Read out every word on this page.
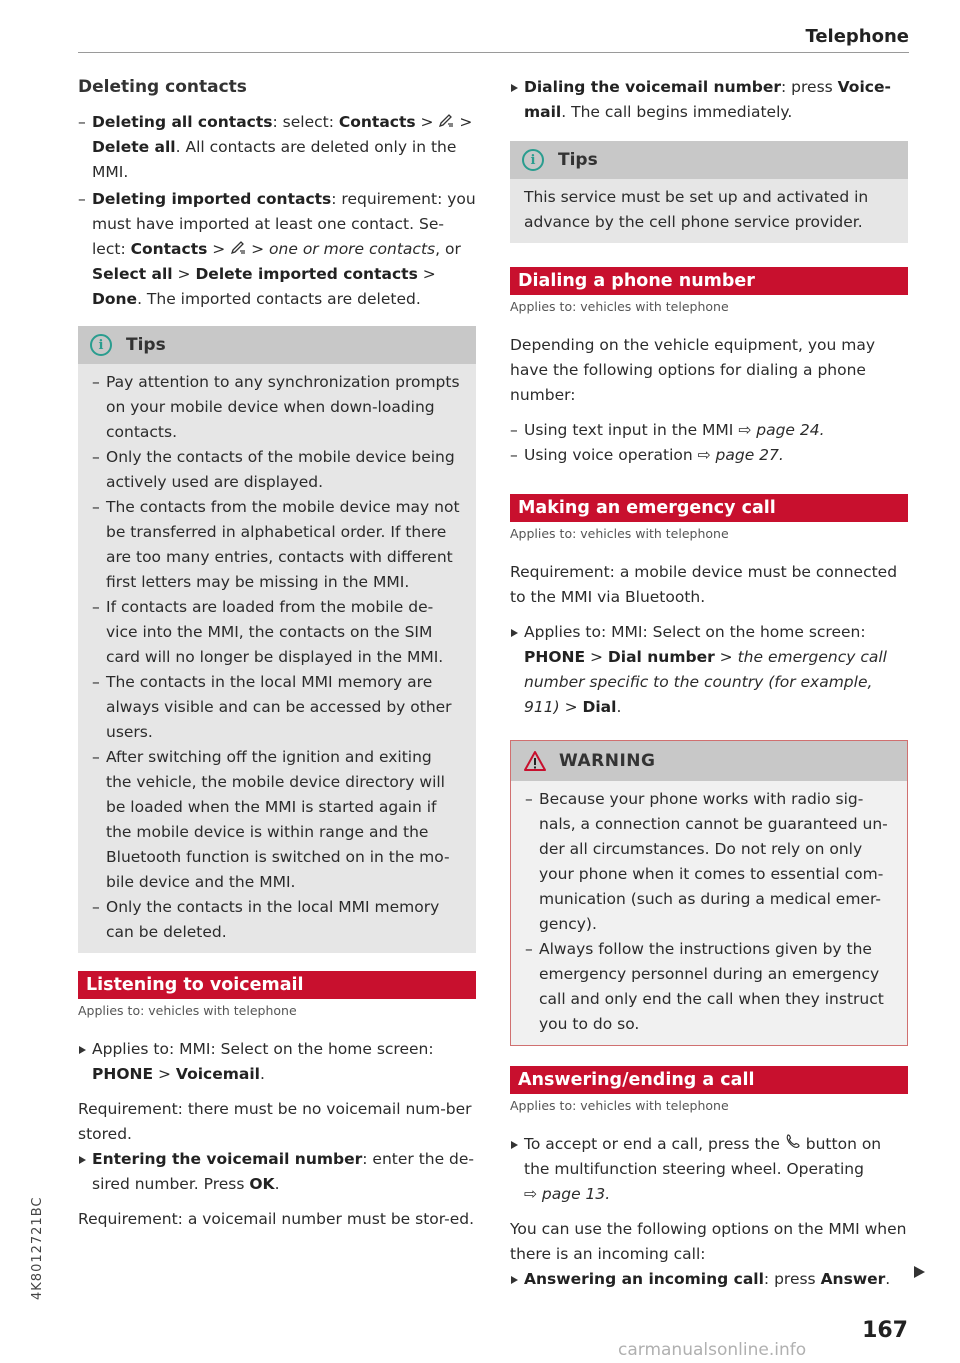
Telephone
Deleting contacts
– Deleting all contacts: select: Contacts >  > Delete all. All contacts are deleted only in the MMI.
– Deleting imported contacts: requirement: you must have imported at least one contact. Se-lect: Contacts >  > one or more contacts, or Select all > Delete imported contacts > Done. The imported contacts are deleted.
i	Tips
– Pay attention to any synchronization prompts on your mobile device when down-loading contacts.
– Only the contacts of the mobile device being actively used are displayed.
– The contacts from the mobile device may not be transferred in alphabetical order. If there are too many entries, contacts with different first letters may be missing in the MMI.
– If contacts are loaded from the mobile de-vice into the MMI, the contacts on the SIM card will no longer be displayed in the MMI.
– The contacts in the local MMI memory are always visible and can be accessed by other users.
– After switching off the ignition and exiting the vehicle, the mobile device directory will be loaded when the MMI is started again if the mobile device is within range and the Bluetooth function is switched on in the mo-bile device and the MMI.
– Only the contacts in the local MMI memory can be deleted.
Listening to voicemail
Applies to: vehicles with telephone
Applies to: MMI: Select on the home screen: PHONE > Voicemail.

Requirement: there must be no voicemail num-ber stored.

Entering the voicemail number: enter the de-sired number. Press OK.

Requirement: a voicemail number must be stor-ed.

Dialing the voicemail number: press Voice-mail. The call begins immediately.
i	Tips
This service must be set up and activated in advance by the cell phone service provider.
Dialing a phone number
Applies to: vehicles with telephone

Depending on the vehicle equipment, you may have the following options for dialing a phone number:

– Using text input in the MMI ⇨ page 24.
– Using voice operation ⇨ page 27.
Making an emergency call
Applies to: vehicles with telephone

Requirement: a mobile device must be connected to the MMI via Bluetooth.

Applies to: MMI: Select on the home screen: PHONE > Dial number > the emergency call number specific to the country (for example, 911) > Dial.
WARNING
– Because your phone works with radio sig-nals, a connection cannot be guaranteed un-der all circumstances. Do not rely on only your phone when it comes to essential com-munication (such as during a medical emer-gency).
– Always follow the instructions given by the emergency personnel during an emergency call and only end the call when they instruct you to do so.
Answering/ending a call
Applies to: vehicles with telephone
To accept or end a call, press the  button on the multifunction steering wheel. Operating
⇨ page 13.

You can use the following options on the MMI when there is an incoming call:

Answering an incoming call: press Answer.
4K8012721BC
167
carmanualsonline.info
